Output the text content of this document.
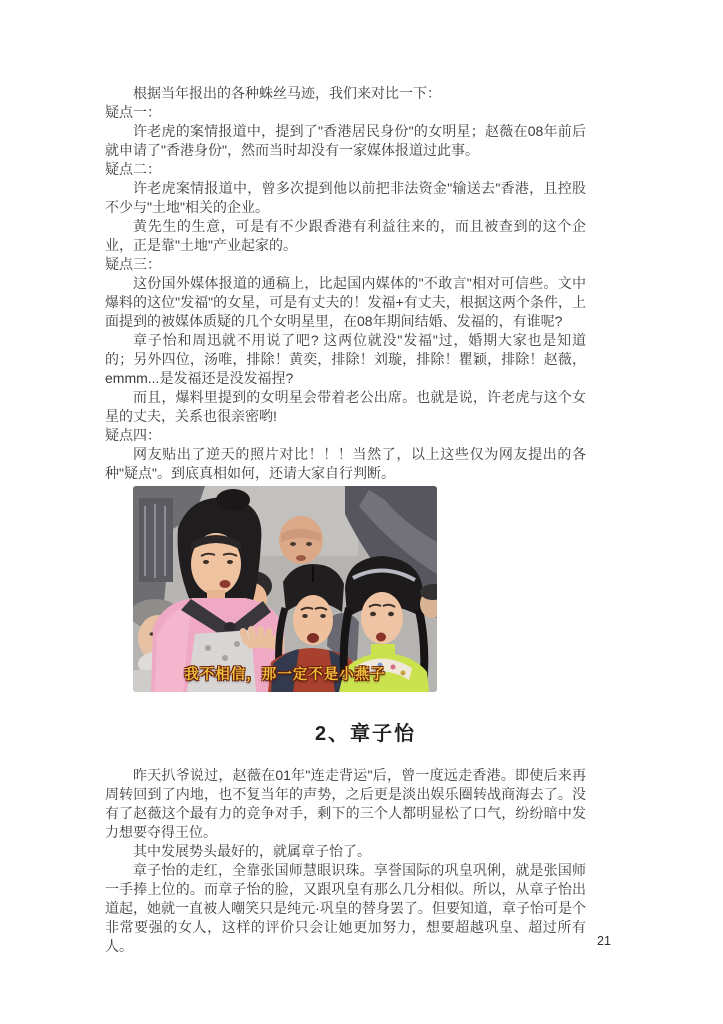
根据当年报出的各种蛛丝马迹，我们来对比一下：

疑点一：

许老虎的案情报道中，提到了"香港居民身份"的女明星；赵薇在08年前后就申请了"香港身份"，然而当时却没有一家媒体报道过此事。

疑点二：

许老虎案情报道中，曾多次提到他以前把非法资金"输送去"香港，且控股不少与"土地"相关的企业。

黄先生的生意，可是有不少跟香港有利益往来的，而且被查到的这个企业，正是靠"土地"产业起家的。

疑点三：

这份国外媒体报道的通稿上，比起国内媒体的"不敢言"相对可信些。文中爆料的这位"发福"的女星，可是有丈夫的！发福+有丈夫，根据这两个条件，上面提到的被媒体质疑的几个女明星里，在08年期间结婚、发福的，有谁呢?

章子怡和周迅就不用说了吧? 这两位就没"发福"过，婚期大家也是知道的；另外四位，汤唯，排除！黄奕，排除！刘璇，排除！瞿颖，排除！赵薇，emmm...是发福还是没发福捏?

而且，爆料里提到的女明星会带着老公出席。也就是说，许老虎与这个女星的丈夫，关系也很亲密哟!

疑点四：

网友贴出了逆天的照片对比！！！当然了，以上这些仅为网友提出的各种"疑点"。到底真相如何，还请大家自行判断。

我不相信，那一定不是小燕子
2、章子怡

昨天扒爷说过，赵薇在01年"连走背运"后，曾一度远走香港。即使后来再周转回到了内地，也不复当年的声势，之后更是淡出娱乐圈转战商海去了。没有了赵薇这个最有力的竞争对手，剩下的三个人都明显松了口气，纷纷暗中发力想要夺得王位。

其中发展势头最好的，就属章子怡了。

章子怡的走红，全靠张国师慧眼识珠。享誉国际的巩皇巩俐，就是张国师一手捧上位的。而章子怡的脸，又跟巩皇有那么几分相似。所以，从章子怡出道起，她就一直被人嘲笑只是纯元·巩皇的替身罢了。但要知道，章子怡可是个非常要强的女人，这样的评价只会让她更加努力，想要超越巩皇、超过所有人。	21
